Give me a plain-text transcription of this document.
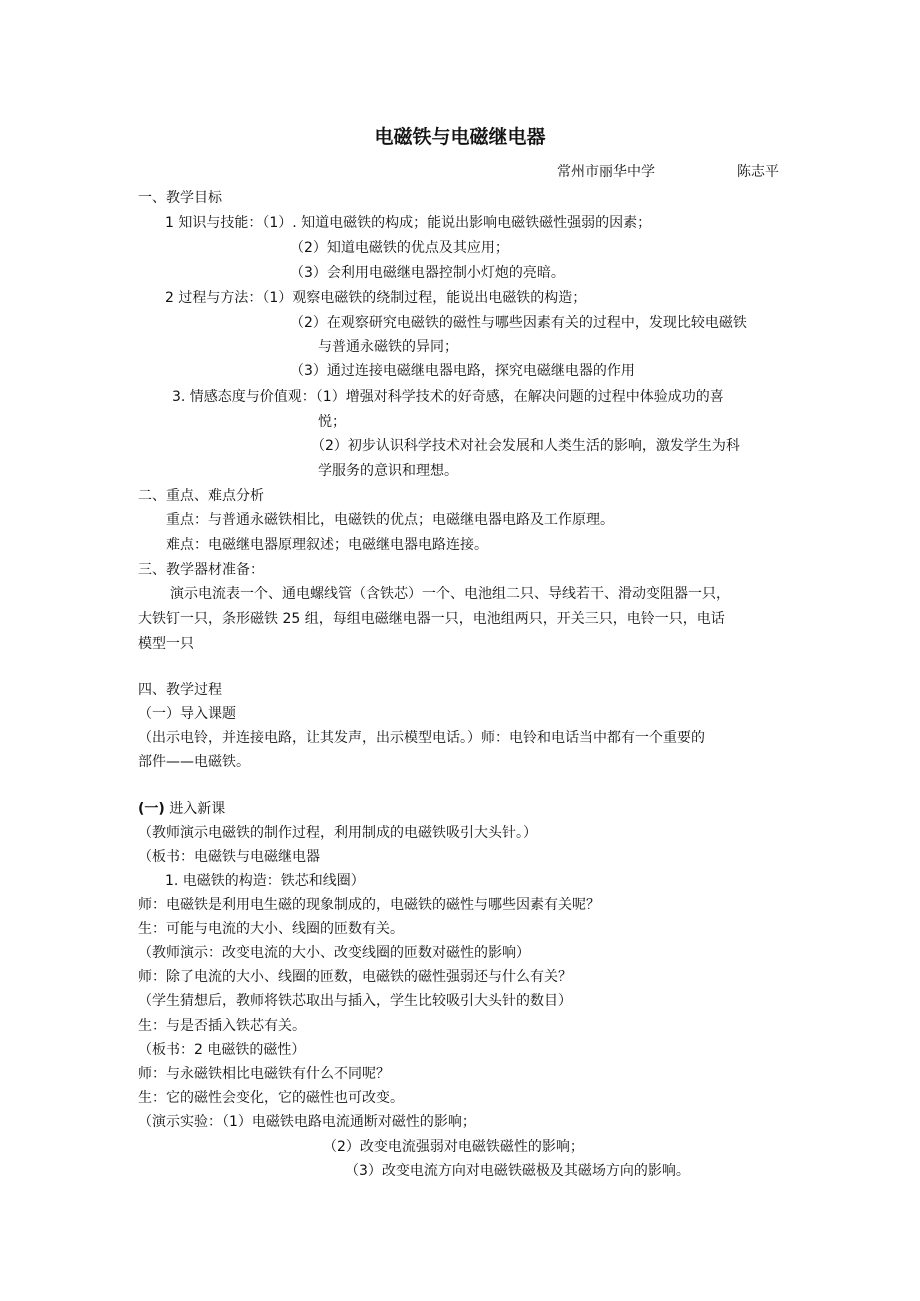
电磁铁与电磁继电器
常州市丽华中学	陈志平
一、教学目标
1 知识与技能：（1）. 知道电磁铁的构成；能说出影响电磁铁磁性强弱的因素；
（2）知道电磁铁的优点及其应用；
（3）会利用电磁继电器控制小灯炮的亮暗。
2 过程与方法：（1）观察电磁铁的绕制过程，能说出电磁铁的构造；
（2）在观察研究电磁铁的磁性与哪些因素有关的过程中，发现比较电磁铁
与普通永磁铁的异同；
（3）通过连接电磁继电器电路，探究电磁继电器的作用
3. 情感态度与价值观：（1）增强对科学技术的好奇感，在解决问题的过程中体验成功的喜
悦；
（2）初步认识科学技术对社会发展和人类生活的影响，激发学生为科
学服务的意识和理想。
二、重点、难点分析
重点：与普通永磁铁相比，电磁铁的优点；电磁继电器电路及工作原理。
难点：电磁继电器原理叙述；电磁继电器电路连接。
三、教学器材准备：
演示电流表一个、通电螺线管（含铁芯）一个、电池组二只、导线若干、滑动变阻器一只，
大铁钉一只，条形磁铁 25 组，每组电磁继电器一只，电池组两只，开关三只，电铃一只，电话
模型一只
四、教学过程
（一）导入课题
（出示电铃，并连接电路，让其发声，出示模型电话。）师：电铃和电话当中都有一个重要的
部件——电磁铁。
(一) 进入新课
（教师演示电磁铁的制作过程，利用制成的电磁铁吸引大头针。）
（板书：电磁铁与电磁继电器
1. 电磁铁的构造：铁芯和线圈）
师：电磁铁是利用电生磁的现象制成的，电磁铁的磁性与哪些因素有关呢？
生：可能与电流的大小、线圈的匝数有关。
（教师演示：改变电流的大小、改变线圈的匝数对磁性的影响）
师：除了电流的大小、线圈的匝数，电磁铁的磁性强弱还与什么有关？
（学生猜想后，教师将铁芯取出与插入，学生比较吸引大头针的数目）
生：与是否插入铁芯有关。
（板书：2 电磁铁的磁性）
师：与永磁铁相比电磁铁有什么不同呢？
生：它的磁性会变化，它的磁性也可改变。
（演示实验：（1）电磁铁电路电流通断对磁性的影响；
（2）改变电流强弱对电磁铁磁性的影响；
（3）改变电流方向对电磁铁磁极及其磁场方向的影响。
